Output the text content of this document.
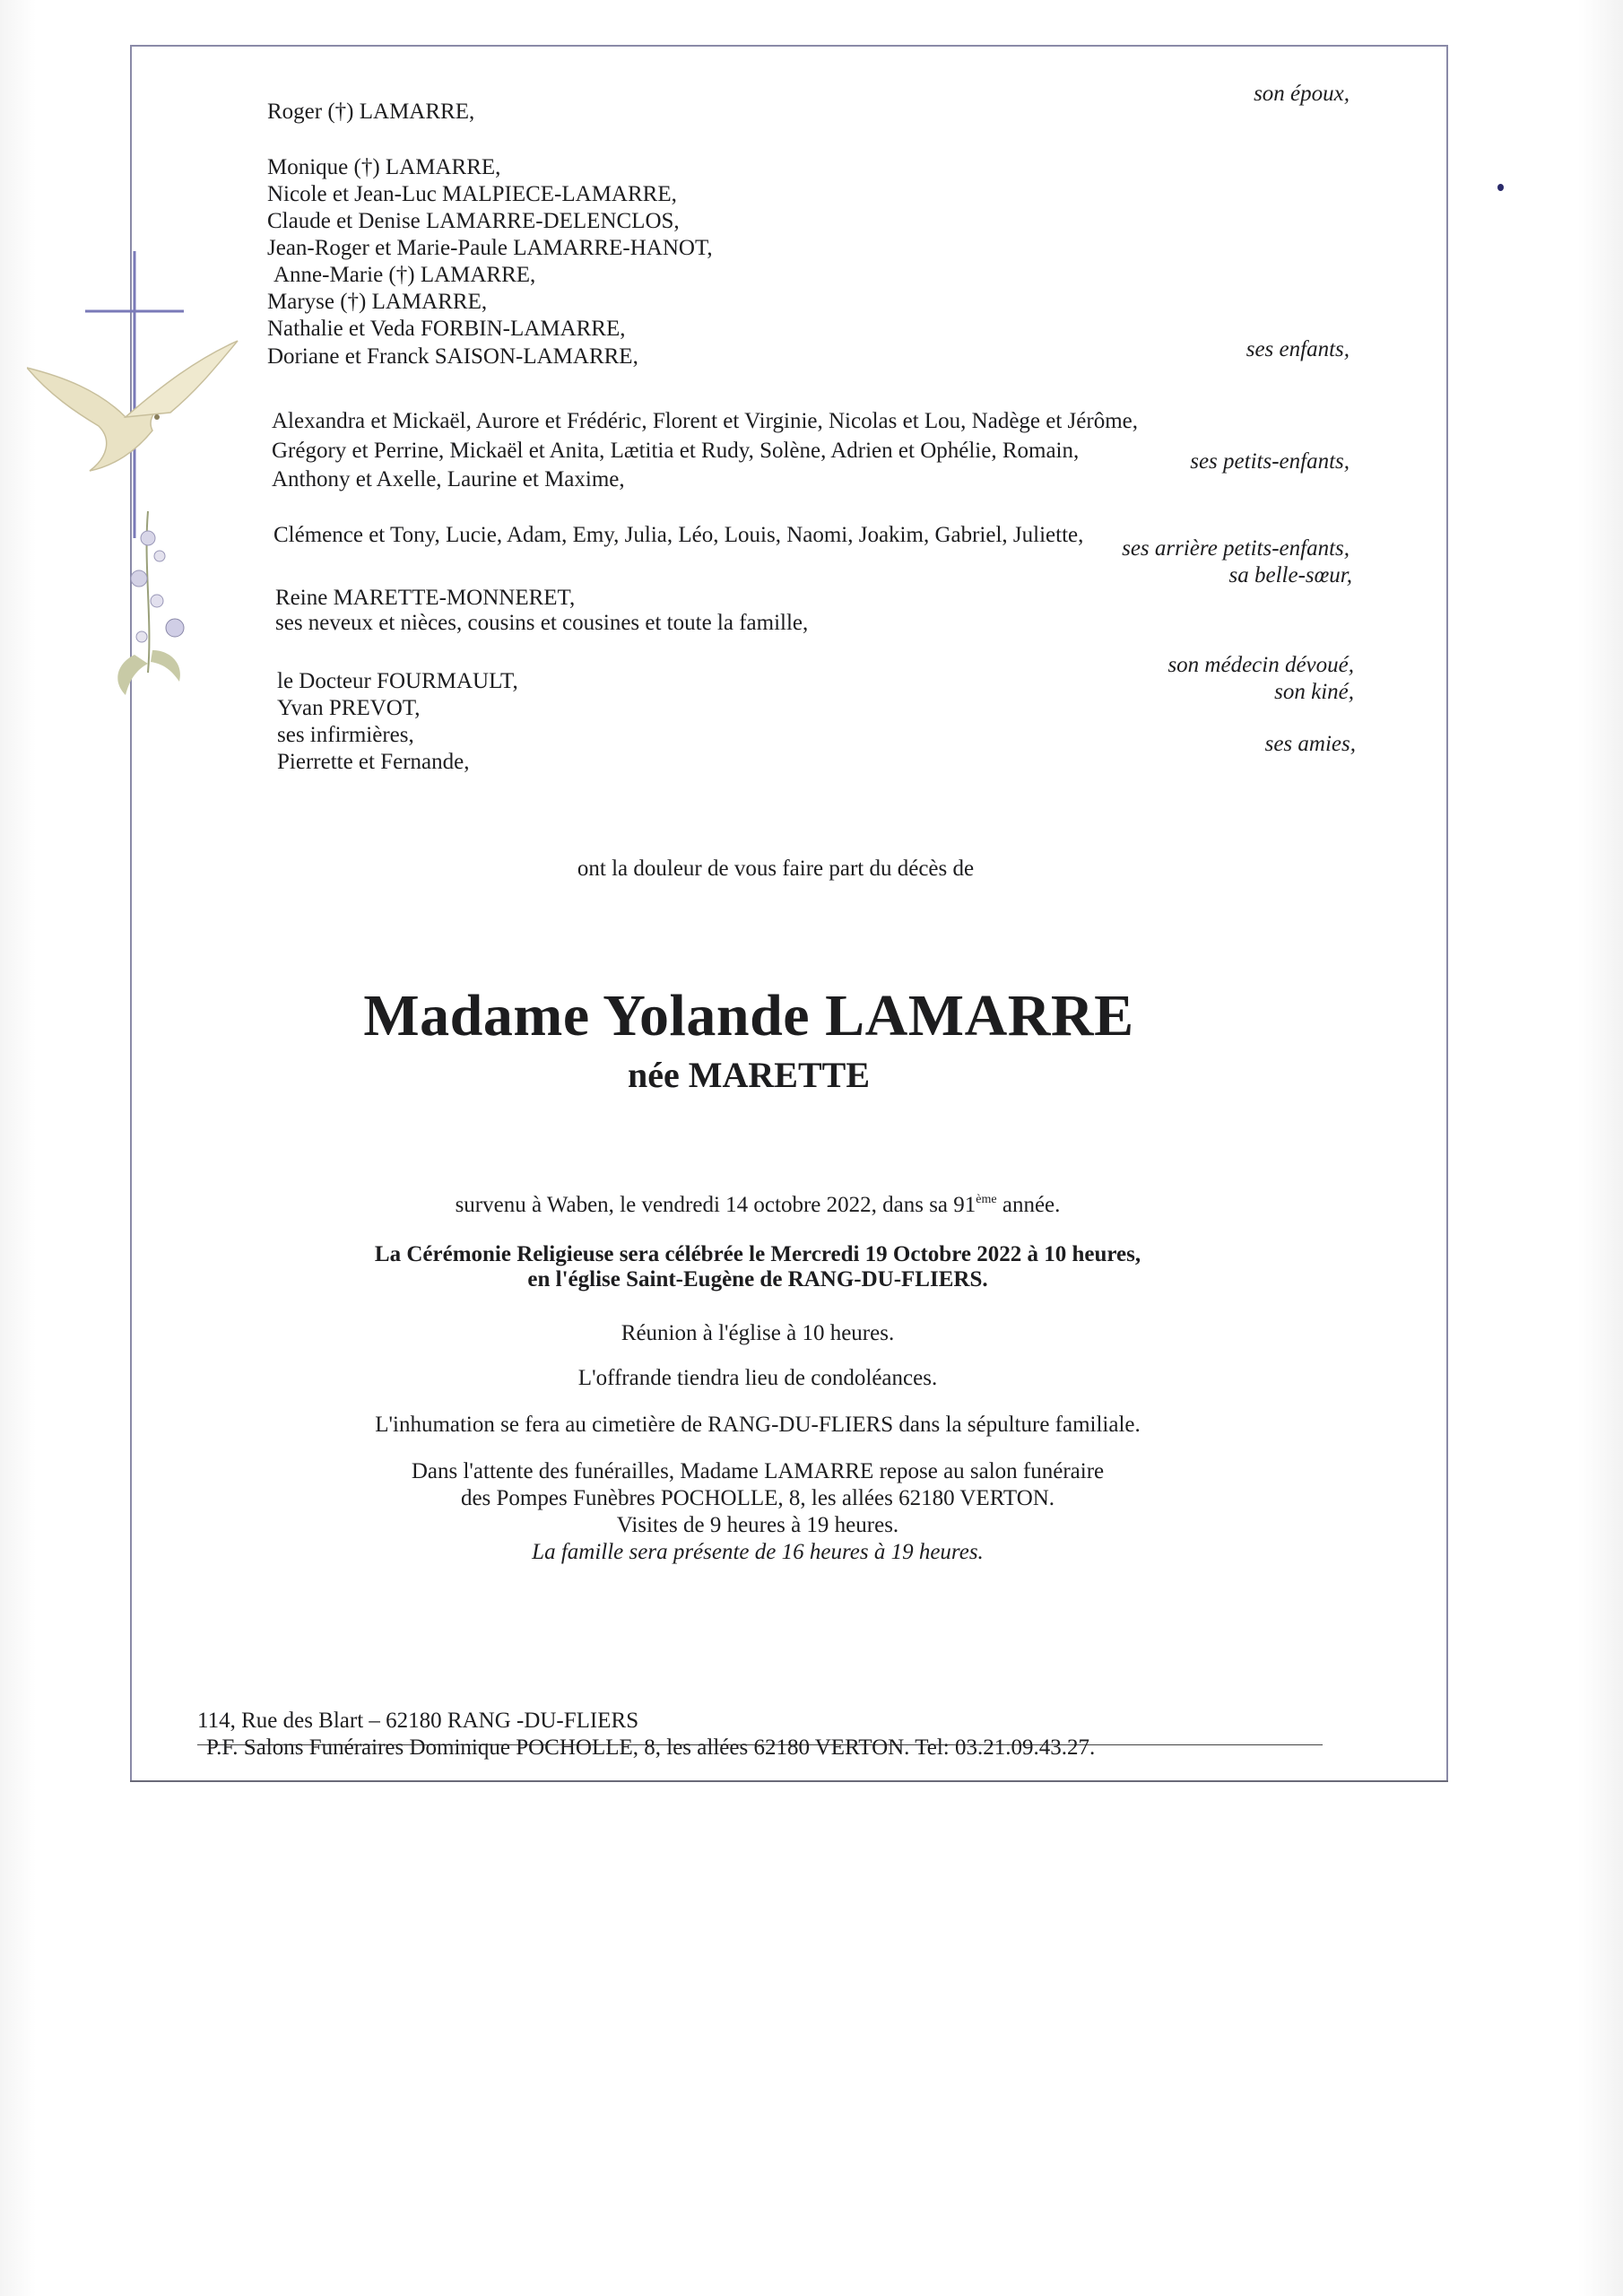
Roger (†) LAMARRE,
son époux,
Monique (†) LAMARRE,
Nicole et Jean-Luc MALPIECE-LAMARRE,
Claude et Denise LAMARRE-DELENCLOS,
Jean-Roger et Marie-Paule LAMARRE-HANOT,
Anne-Marie (†) LAMARRE,
Maryse (†) LAMARRE,
Nathalie et Veda FORBIN-LAMARRE,
Doriane et Franck SAISON-LAMARRE,	ses enfants,
Alexandra et Mickaël, Aurore et Frédéric, Florent et Virginie, Nicolas et Lou, Nadège et Jérôme,
Grégory et Perrine, Mickaël et Anita, Lætitia et Rudy, Solène, Adrien et Ophélie, Romain,
Anthony et Axelle, Laurine et Maxime,
ses petits-enfants,
Clémence et Tony, Lucie, Adam, Emy, Julia, Léo, Louis, Naomi, Joakim, Gabriel, Juliette,
ses arrière petits-enfants,
Reine MARETTE-MONNERET,
sa belle-sœur,
ses neveux et nièces, cousins et cousines et toute la famille,
le Docteur FOURMAULT,
son médecin dévoué,
Yvan PREVOT,
son kiné,
ses infirmières,
Pierrette et Fernande,
ses amies,
ont la douleur de vous faire part du décès de
Madame Yolande LAMARRE
née MARETTE
survenu à Waben, le vendredi 14 octobre 2022, dans sa 91ème année.
La Cérémonie Religieuse sera célébrée le Mercredi 19 Octobre 2022 à 10 heures,
en l'église Saint-Eugène de RANG-DU-FLIERS.
Réunion à l'église à 10 heures.
L'offrande tiendra lieu de condoléances.
L'inhumation se fera au cimetière de RANG-DU-FLIERS dans la sépulture familiale.
Dans l'attente des funérailles, Madame LAMARRE repose au salon funéraire
des Pompes Funèbres POCHOLLE, 8, les allées 62180 VERTON.
Visites de 9 heures à 19 heures.
La famille sera présente de 16 heures à 19 heures.
114, Rue des Blart – 62180 RANG -DU-FLIERS
P.F. Salons Funéraires Dominique POCHOLLE, 8, les allées 62180 VERTON. Tel: 03.21.09.43.27.
